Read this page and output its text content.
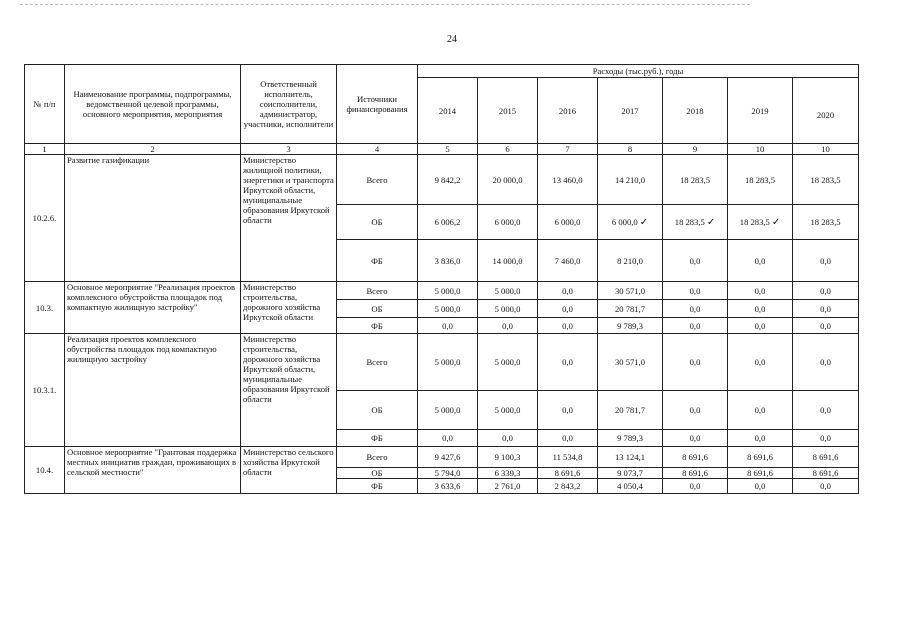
24
№ п/п	Наименование программы, подпрограммы, ведомственной целевой программы, основного мероприятия, мероприятия	Ответственный исполнитель, соисполнители, администратор, участники, исполнители	Источники финансирования	Расходы (тыс.руб.), годы						
				2014	2015	2016	2017	2018	2019	2020
1	2	3	4	5	6	7	8	9	10	10
10.2.6.	Развитие газификации	Министерство жилищной политики, энергетики и транспорта Иркутской области, муниципальные образования Иркутской области	Всего	9 842,2	20 000,0	13 460,0	14 210,0	18 283,5	18 283,5	18 283,5
			ОБ	6 006,2	6 000,0	6 000,0	6 000,0 ✓	18 283,5 ✓	18 283,5 ✓	18 283,5
			ФБ	3 836,0	14 000,0	7 460,0	8 210,0	0,0	0,0	0,0
10.3.	Основное мероприятие "Реализация проектов комплексного обустройства площадок под компактную жилищную застройку"	Министерство строительства, дорожного хозяйства Иркутской области	Всего	5 000,0	5 000,0	0,0	30 571,0	0,0	0,0	0,0
			ОБ	5 000,0	5 000,0	0,0	20 781,7	0,0	0,0	0,0
			ФБ	0,0	0,0	0,0	9 789,3	0,0	0,0	0,0
10.3.1.	Реализация проектов комплексного обустройства площадок под компактную жилищную застройку	Министерство строительства, дорожного хозяйства Иркутской области, муниципальные образования Иркутской области	Всего	5 000,0	5 000,0	0,0	30 571,0	0,0	0,0	0,0
			ОБ	5 000,0	5 000,0	0,0	20 781,7	0,0	0,0	0,0
			ФБ	0,0	0,0	0,0	9 789,3	0,0	0,0	0,0
10.4.	Основное мероприятие "Грантовая поддержка местных инициатив граждан, проживающих в сельской местности"	Министерство сельского хозяйства Иркутской области	Всего	9 427,6	9 100,3	11 534,8	13 124,1	8 691,6	8 691,6	8 691,6
			ОБ	5 794,0	6 339,3	8 691,6	9 073,7	8 691,6	8 691,6	8 691,6
			ФБ	3 633,6	2 761,0	2 843,2	4 050,4	0,0	0,0	0,0
